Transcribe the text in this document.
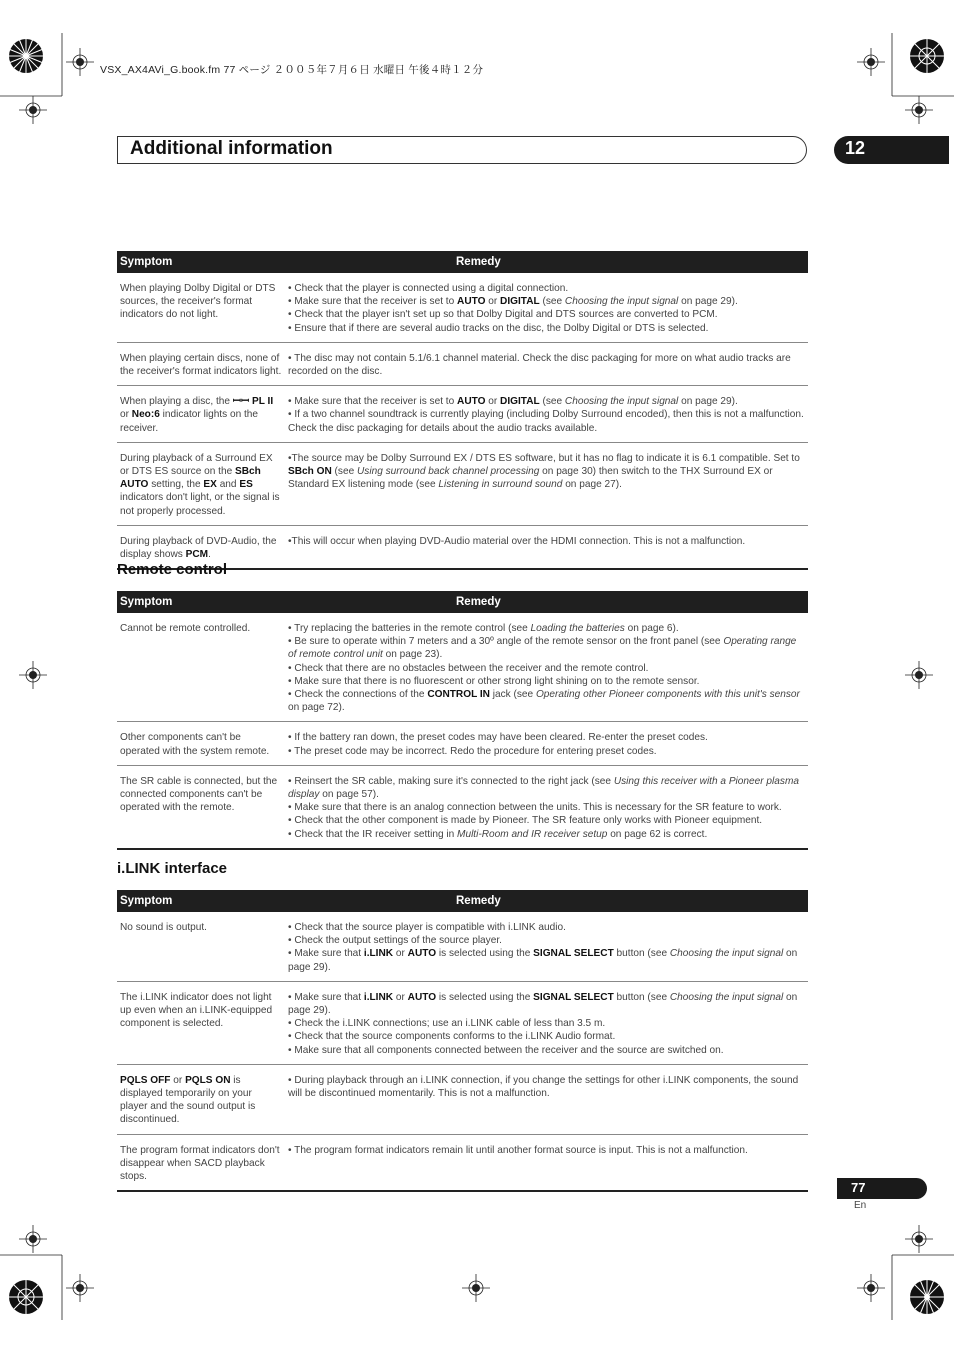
VSX_AX4AVi_G.book.fm 77 ページ ２００５年７月６日 水曜日 午後４時１２分
Additional information	12
Symptom	Remedy
When playing Dolby Digital or DTS sources, the receiver's format indicators do not light.	• Check that the player is connected using a digital connection.
• Make sure that the receiver is set to AUTO or DIGITAL (see Choosing the input signal on page 29).
• Check that the player isn't set up so that Dolby Digital and DTS sources are converted to PCM.
• Ensure that if there are several audio tracks on the disc, the Dolby Digital or DTS is selected.
When playing certain discs, none of the receiver's format indicators light.	• The disc may not contain 5.1/6.1 channel material. Check the disc packaging for more on what audio tracks are recorded on the disc.
When playing a disc, the ꟷꟷ PL II or Neo:6 indicator lights on the receiver.	• Make sure that the receiver is set to AUTO or DIGITAL (see Choosing the input signal on page 29).
• If a two channel soundtrack is currently playing (including Dolby Surround encoded), then this is not a malfunction. Check the disc packaging for details about the audio tracks available.
During playback of a Surround EX or DTS ES source on the SBch AUTO setting, the EX and ES indicators don't light, or the signal is not properly processed.	•The source may be Dolby Surround EX / DTS ES software, but it has no flag to indicate it is 6.1 compatible. Set to SBch ON (see Using surround back channel processing on page 30) then switch to the THX Surround EX or Standard EX listening mode (see Listening in surround sound on page 27).
During playback of DVD-Audio, the display shows PCM.	•This will occur when playing DVD-Audio material over the HDMI connection. This is not a malfunction.
Remote control
Symptom	Remedy
Cannot be remote controlled.	• Try replacing the batteries in the remote control (see Loading the batteries on page 6).
• Be sure to operate within 7 meters and a 30º angle of the remote sensor on the front panel (see Operating range of remote control unit on page 23).
• Check that there are no obstacles between the receiver and the remote control.
• Make sure that there is no fluorescent or other strong light shining on to the remote sensor.
• Check the connections of the CONTROL IN jack (see Operating other Pioneer components with this unit's sensor on page 72).
Other components can't be operated with the system remote.	• If the battery ran down, the preset codes may have been cleared. Re-enter the preset codes.
• The preset code may be incorrect. Redo the procedure for entering preset codes.
The SR cable is connected, but the connected components can't be operated with the remote.	• Reinsert the SR cable, making sure it's connected to the right jack (see Using this receiver with a Pioneer plasma display on page 57).
• Make sure that there is an analog connection between the units. This is necessary for the SR feature to work.
• Check that the other component is made by Pioneer. The SR feature only works with Pioneer equipment.
• Check that the IR receiver setting in Multi-Room and IR receiver setup on page 62 is correct.
i.LINK interface
Symptom	Remedy
No sound is output.	• Check that the source player is compatible with i.LINK audio.
• Check the output settings of the source player.
• Make sure that i.LINK or AUTO is selected using the SIGNAL SELECT button (see Choosing the input signal on page 29).
The i.LINK indicator does not light up even when an i.LINK-equipped component is selected.	• Make sure that i.LINK or AUTO is selected using the SIGNAL SELECT button (see Choosing the input signal on page 29).
• Check the i.LINK connections; use an i.LINK cable of less than 3.5 m.
• Check that the source components conforms to the i.LINK Audio format.
• Make sure that all components connected between the receiver and the source are switched on.
PQLS OFF or PQLS ON is displayed temporarily on your player and the sound output is discontinued.	• During playback through an i.LINK connection, if you change the settings for other i.LINK components, the sound will be discontinued momentarily. This is not a malfunction.
The program format indicators don't disappear when SACD playback stops.	• The program format indicators remain lit until another format source is input. This is not a malfunction.
77
En
